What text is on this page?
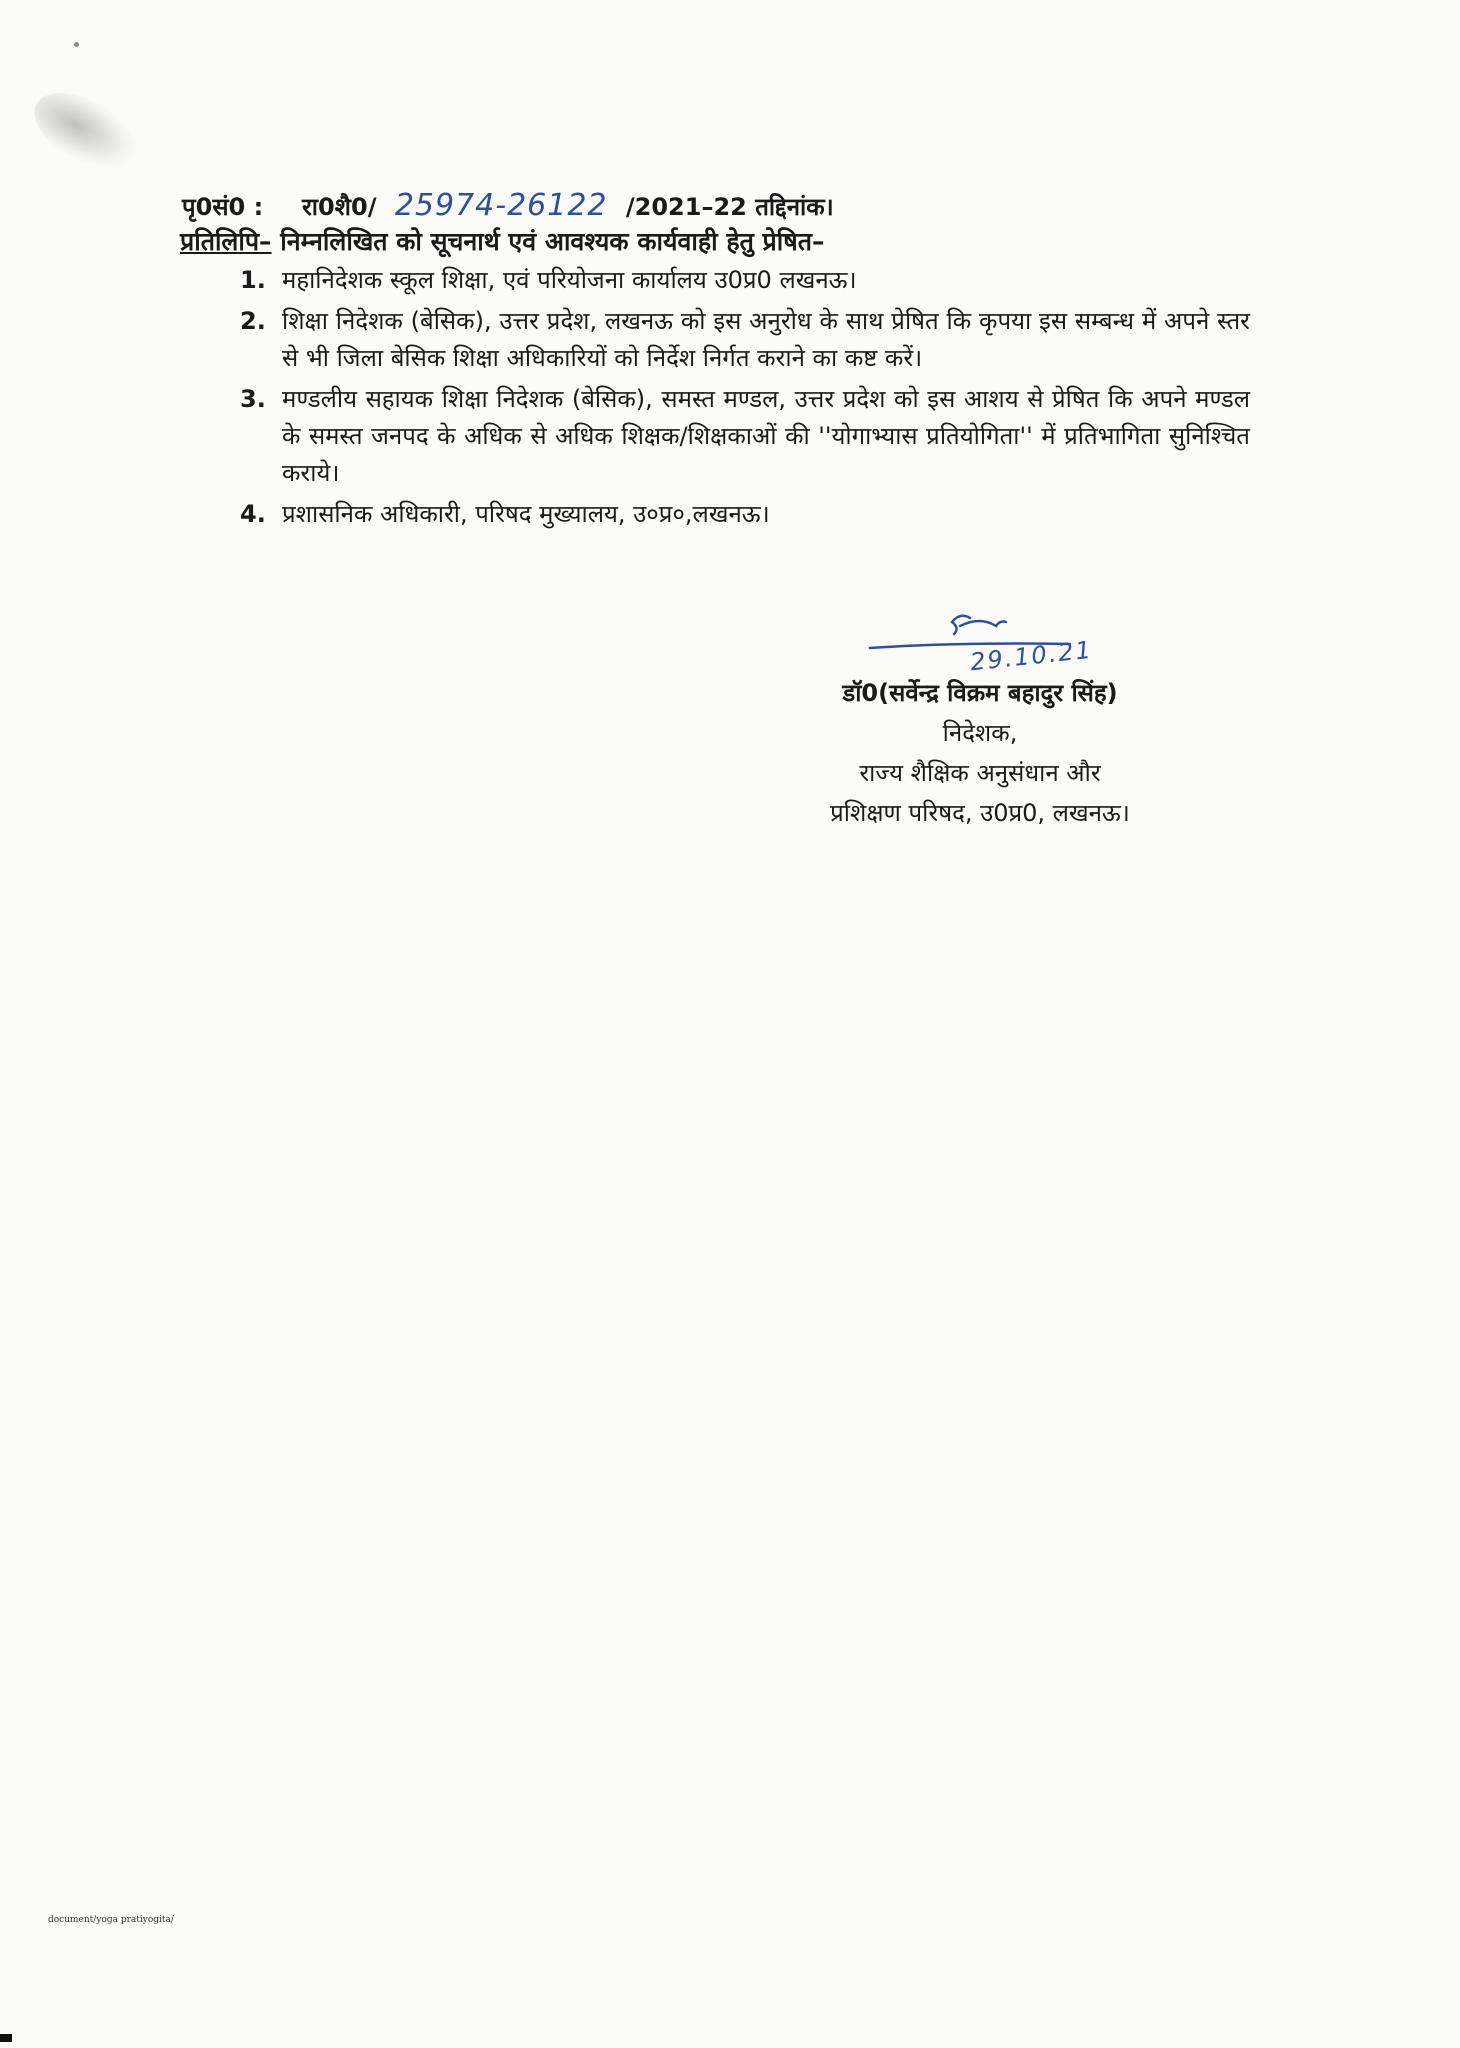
पृ0सं0 : रा0शै0/ 25974-26122 /2021–22 तद्दिनांक।
प्रतिलिपि– निम्नलिखित को सूचनार्थ एवं आवश्यक कार्यवाही हेतु प्रेषित–
1. महानिदेशक स्कूल शिक्षा, एवं परियोजना कार्यालय उ0प्र0 लखनऊ।
2. शिक्षा निदेशक (बेसिक), उत्तर प्रदेश, लखनऊ को इस अनुरोध के साथ प्रेषित कि कृपया इस सम्बन्ध में अपने स्तर से भी जिला बेसिक शिक्षा अधिकारियों को निर्देश निर्गत कराने का कष्ट करें।
3. मण्डलीय सहायक शिक्षा निदेशक (बेसिक), समस्त मण्डल, उत्तर प्रदेश को इस आशय से प्रेषित कि अपने मण्डल के समस्त जनपद के अधिक से अधिक शिक्षक/शिक्षकाओं की ''योगाभ्यास प्रतियोगिता'' में प्रतिभागिता सुनिश्चित कराये।
4. प्रशासनिक अधिकारी, परिषद मुख्यालय, उ०प्र०,लखनऊ।
29.10.21
डॉ0(सर्वेन्द्र विक्रम बहादुर सिंह)
निदेशक,
राज्य शैक्षिक अनुसंधान और
प्रशिक्षण परिषद, उ0प्र0, लखनऊ।
document/yoga pratiyogita/
